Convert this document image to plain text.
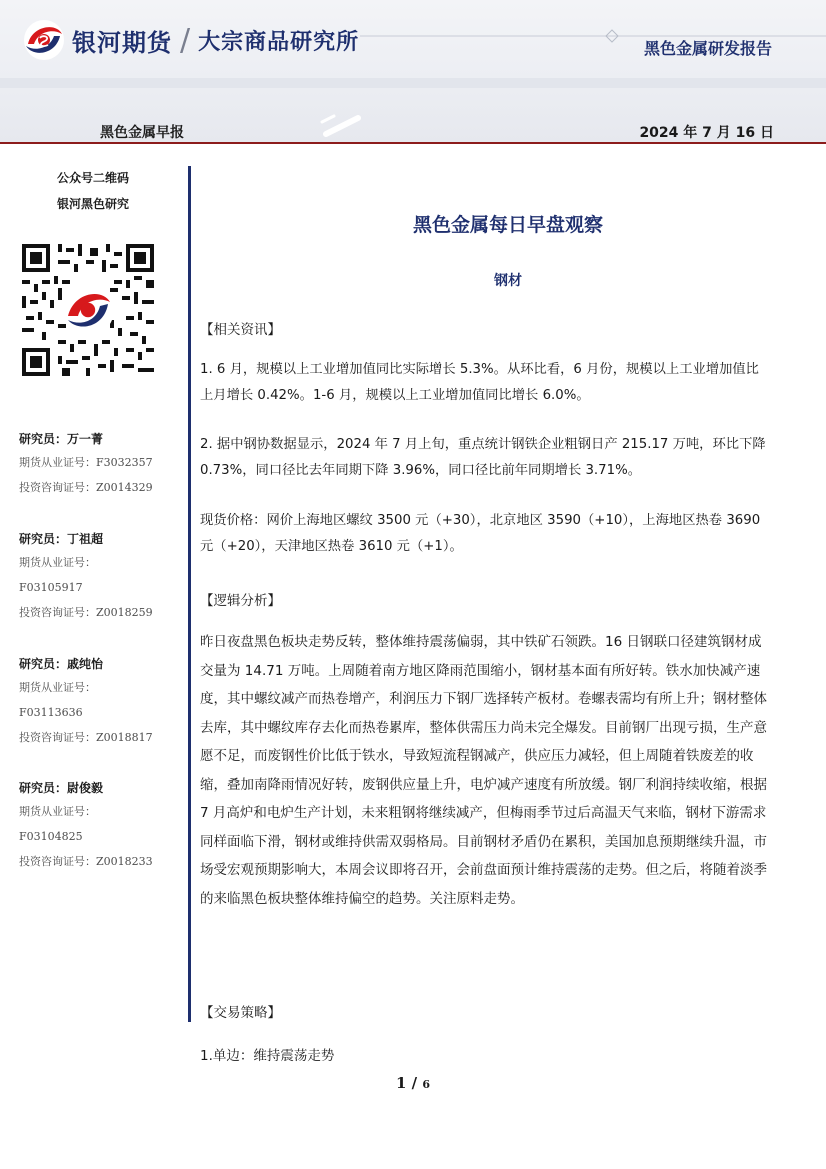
银河期货 / 大宗商品研究所	黑色金属研发报告
黑色金属早报	2024 年 7 月 16 日
公众号二维码
银河黑色研究
研究员：万一菁
期货从业证号：F3032357
投资咨询证号：Z0014329
研究员：丁祖超
期货从业证号：
F03105917
投资咨询证号：Z0018259
研究员：戚纯怡
期货从业证号：
F03113636
投资咨询证号：Z0018817
研究员：尉俊毅
期货从业证号：
F03104825
投资咨询证号：Z0018233
黑色金属每日早盘观察
钢材
【相关资讯】
1. 6 月，规模以上工业增加值同比实际增长 5.3%。从环比看，6 月份，规模以上工业增加值比上月增长 0.42%。1-6 月，规模以上工业增加值同比增长 6.0%。
2. 据中钢协数据显示，2024 年 7 月上旬，重点统计钢铁企业粗钢日产 215.17 万吨，环比下降 0.73%，同口径比去年同期下降 3.96%，同口径比前年同期增长 3.71%。
现货价格：网价上海地区螺纹 3500 元（+30），北京地区 3590（+10），上海地区热卷 3690 元（+20），天津地区热卷 3610 元（+1）。
【逻辑分析】
昨日夜盘黑色板块走势反转，整体维持震荡偏弱，其中铁矿石领跌。16 日钢联口径建筑钢材成交量为 14.71 万吨。上周随着南方地区降雨范围缩小，钢材基本面有所好转。铁水加快减产速度，其中螺纹减产而热卷增产，利润压力下钢厂选择转产板材。卷螺表需均有所上升；钢材整体去库，其中螺纹库存去化而热卷累库，整体供需压力尚未完全爆发。目前钢厂出现亏损，生产意愿不足，而废钢性价比低于铁水，导致短流程钢减产，供应压力减轻，但上周随着铁废差的收缩，叠加南降雨情况好转，废钢供应量上升，电炉减产速度有所放缓。钢厂利润持续收缩，根据 7 月高炉和电炉生产计划，未来粗钢将继续减产，但梅雨季节过后高温天气来临，钢材下游需求同样面临下滑，钢材或维持供需双弱格局。目前钢材矛盾仍在累积，美国加息预期继续升温，市场受宏观预期影响大，本周会议即将召开，会前盘面预计维持震荡的走势。但之后，将随着淡季的来临黑色板块整体维持偏空的趋势。关注原料走势。
【交易策略】
1.单边：维持震荡走势
1 / 6
